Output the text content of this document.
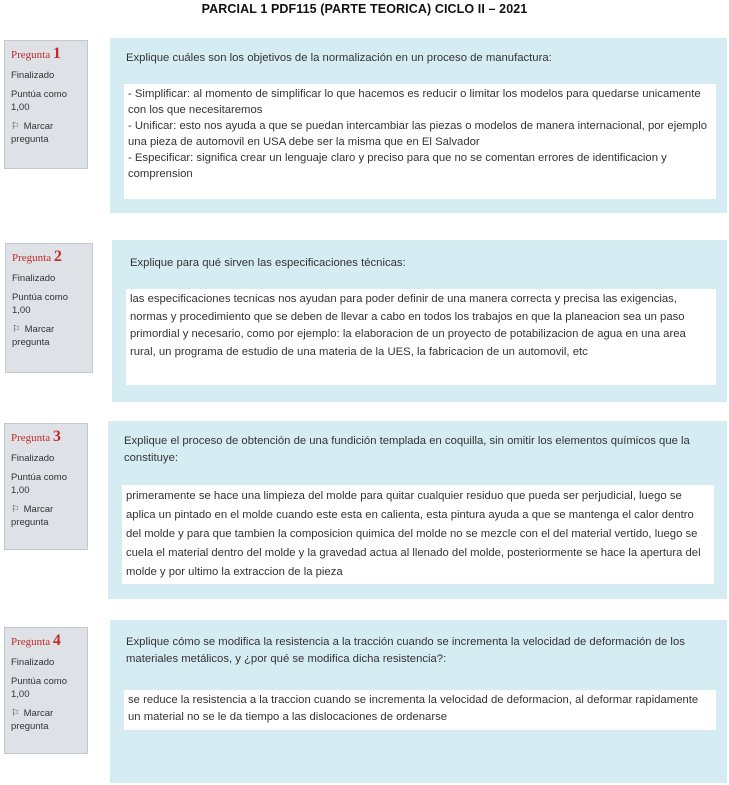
PARCIAL 1 PDF115 (PARTE TEORICA) CICLO II – 2021
Pregunta 1
Finalizado
Puntúa como
1,00
⚐ Marcar pregunta
Explique cuáles son los objetivos de la normalización en un proceso de manufactura:
- Simplificar: al momento de simplificar lo que hacemos es reducir o limitar los modelos para quedarse unicamente con los que necesitaremos
- Unificar: esto nos ayuda a que se puedan intercambiar las piezas o modelos de manera internacional, por ejemplo una pieza de automovil en USA debe ser la misma que en El Salvador
- Especificar: significa crear un lenguaje claro y preciso para que no se comentan errores de identificacion y comprension
Pregunta 2
Finalizado
Puntúa como
1,00
⚐ Marcar pregunta
Explique para qué sirven las especificaciones técnicas:
las especificaciones tecnicas nos ayudan para poder definir de una manera correcta y precisa las exigencias, normas y procedimiento que se deben de llevar a cabo en todos los trabajos en que la planeacion sea un paso primordial y necesario, como por ejemplo: la elaboracion de un proyecto de potabilizacion de agua en una area rural, un programa de estudio de una materia de la UES, la fabricacion de un automovil, etc
Pregunta 3
Finalizado
Puntúa como
1,00
⚐ Marcar pregunta
Explique el proceso de obtención de una fundición templada en coquilla, sin omitir los elementos químicos que la constituye:
primeramente se hace una limpieza del molde para quitar cualquier residuo que pueda ser perjudicial, luego se aplica un pintado en el molde cuando este esta en calienta, esta pintura ayuda a que se mantenga el calor dentro del molde y para que tambien la composicion quimica del molde no se mezcle con el del material vertido, luego se cuela el material dentro del molde y la gravedad actua al llenado del molde, posteriormente se hace la apertura del molde y por ultimo la extraccion de la pieza
Pregunta 4
Finalizado
Puntúa como
1,00
⚐ Marcar pregunta
Explique cómo se modifica la resistencia a la tracción cuando se incrementa la velocidad de deformación de los materiales metálicos, y ¿por qué se modifica dicha resistencia?:
se reduce la resistencia a la traccion cuando se incrementa la velocidad de deformacion, al deformar rapidamente un material no se le da tiempo a las dislocaciones de ordenarse
